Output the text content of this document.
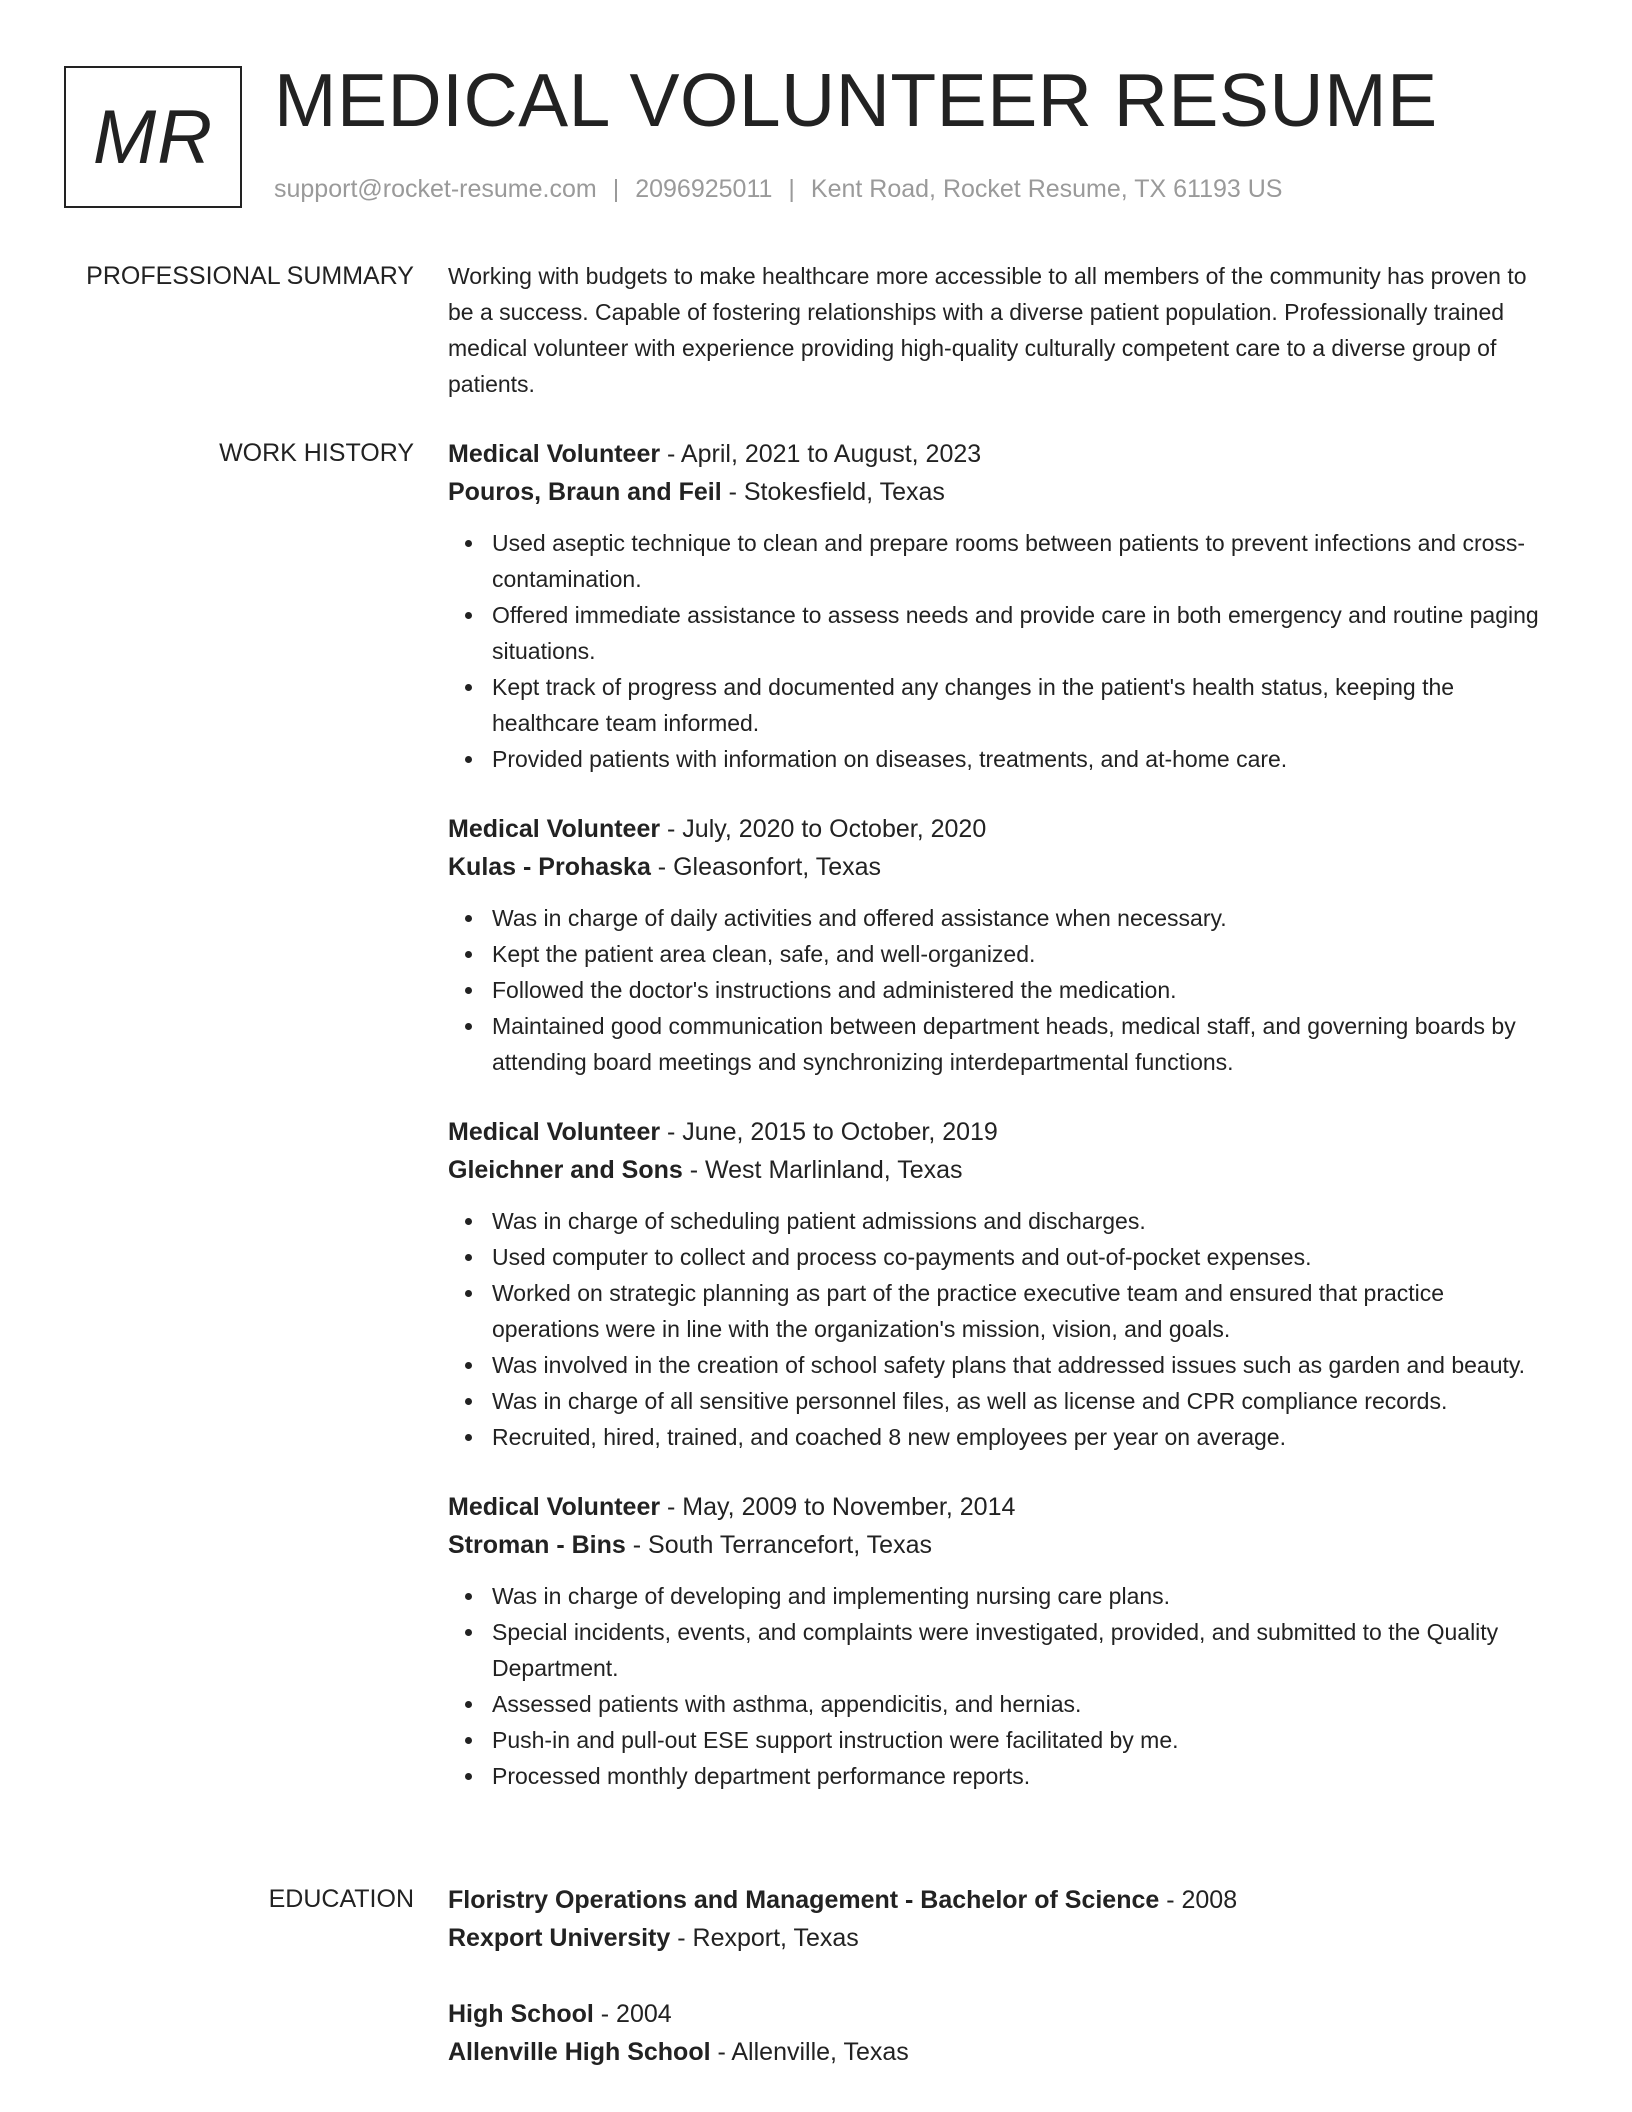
MR MEDICAL VOLUNTEER RESUME
support@rocket-resume.com | 2096925011 | Kent Road, Rocket Resume, TX 61193 US
PROFESSIONAL SUMMARY Working with budgets to make healthcare more accessible to all members of the community has proven to be a success. Capable of fostering relationships with a diverse patient population. Professionally trained medical volunteer with experience providing high-quality culturally competent care to a diverse group of patients.

WORK HISTORY Medical Volunteer - April, 2021 to August, 2023

Pouros, Braun and Feil - Stokesfield, Texas

Used aseptic technique to clean and prepare rooms between patients to prevent infections and cross-contamination.
Offered immediate assistance to assess needs and provide care in both emergency and routine paging situations.
Kept track of progress and documented any changes in the patient's health status, keeping the healthcare team informed.
Provided patients with information on diseases, treatments, and at-home care.

Medical Volunteer - July, 2020 to October, 2020

Kulas - Prohaska - Gleasonfort, Texas

Was in charge of daily activities and offered assistance when necessary.
Kept the patient area clean, safe, and well-organized.
Followed the doctor's instructions and administered the medication.
Maintained good communication between department heads, medical staff, and governing boards by attending board meetings and synchronizing interdepartmental functions.

Medical Volunteer - June, 2015 to October, 2019

Gleichner and Sons - West Marlinland, Texas

Was in charge of scheduling patient admissions and discharges.
Used computer to collect and process co-payments and out-of-pocket expenses.
Worked on strategic planning as part of the practice executive team and ensured that practice operations were in line with the organization's mission, vision, and goals.
Was involved in the creation of school safety plans that addressed issues such as garden and beauty.
Was in charge of all sensitive personnel files, as well as license and CPR compliance records.
Recruited, hired, trained, and coached 8 new employees per year on average.

Medical Volunteer - May, 2009 to November, 2014

Stroman - Bins - South Terrancefort, Texas

Was in charge of developing and implementing nursing care plans.
Special incidents, events, and complaints were investigated, provided, and submitted to the Quality Department.
Assessed patients with asthma, appendicitis, and hernias.
Push-in and pull-out ESE support instruction were facilitated by me.
Processed monthly department performance reports.
EDUCATION Floristry Operations and Management - Bachelor of Science - 2008

Rexport University - Rexport, Texas

High School - 2004

Allenville High School - Allenville, Texas
